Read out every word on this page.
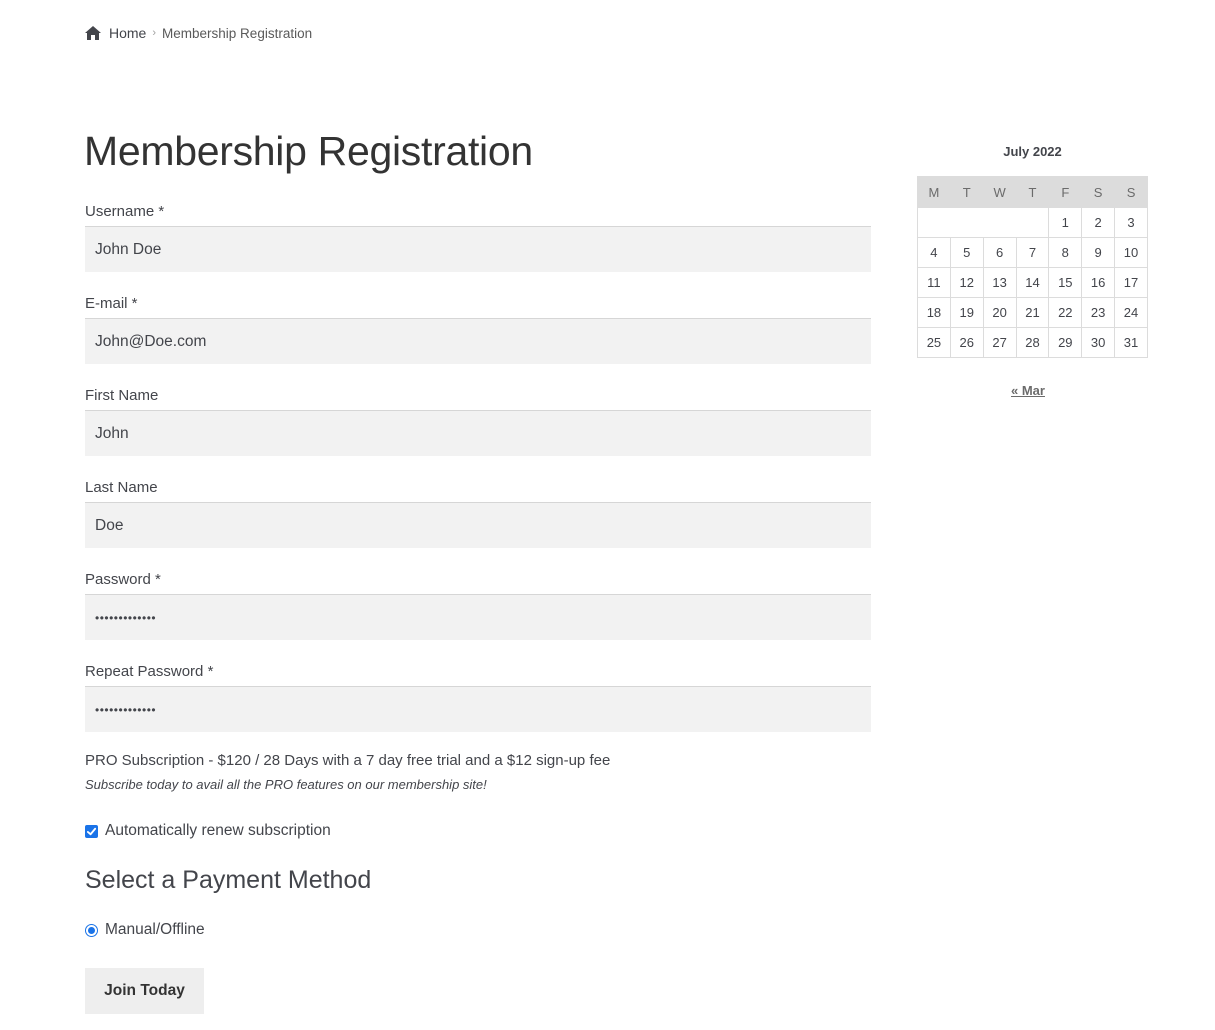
Home › Membership Registration
Membership Registration
Username *
John Doe
E-mail *
John@Doe.com
First Name
John
Last Name
Doe
Password *
•••••••••••••
Repeat Password *
•••••••••••••
PRO Subscription - $120 / 28 Days with a 7 day free trial and a $12 sign-up fee
Subscribe today to avail all the PRO features on our membership site!
Automatically renew subscription
Select a Payment Method
Manual/Offline
Join Today
July 2022
M	T	W	T	F	S	S
				1	2	3
4	5	6	7	8	9	10
11	12	13	14	15	16	17
18	19	20	21	22	23	24
25	26	27	28	29	30	31
« Mar
